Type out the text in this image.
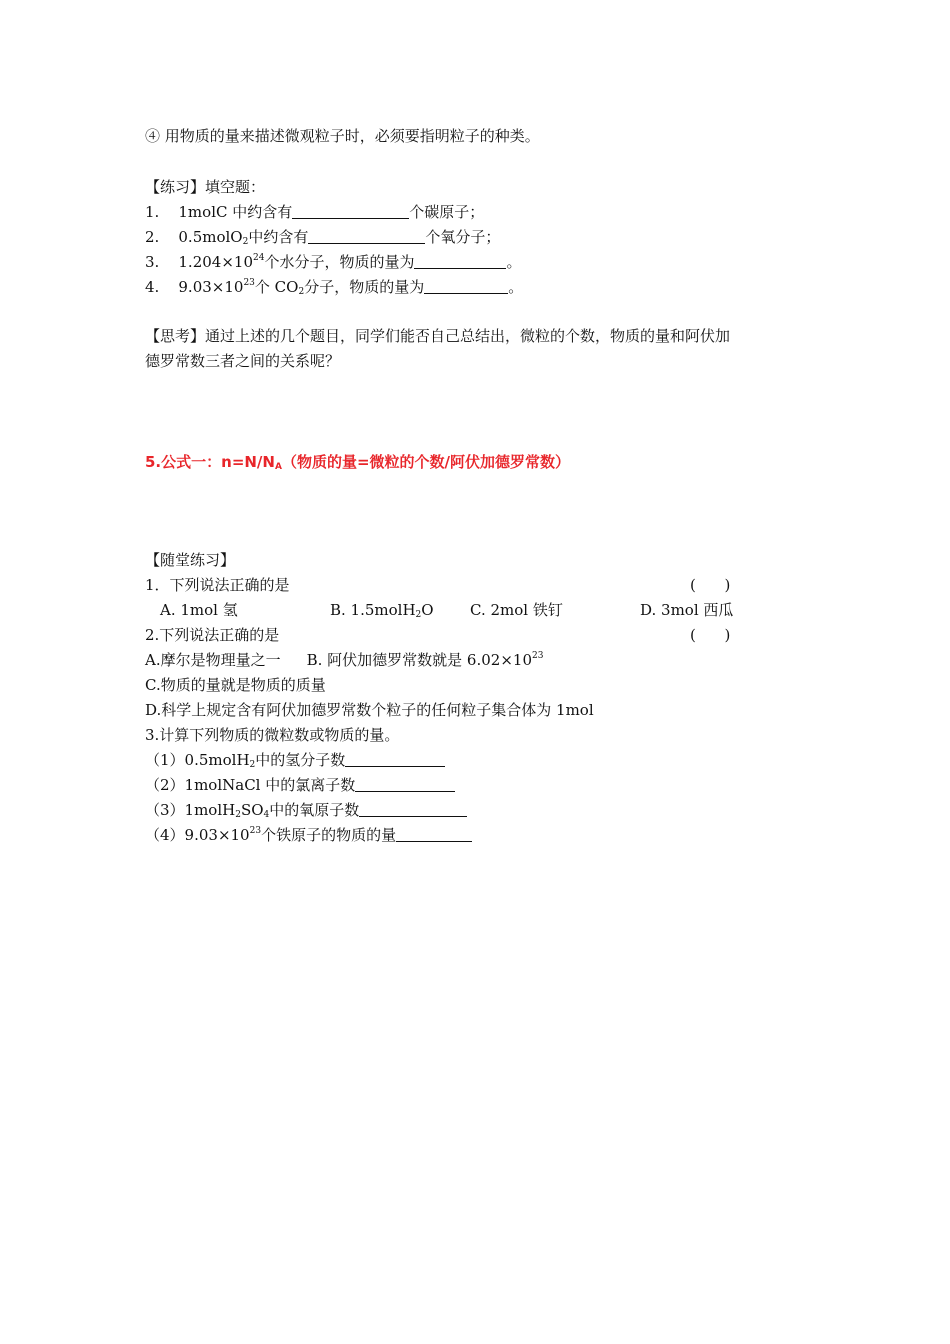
④ 用物质的量来描述微观粒子时，必须要指明粒子的种类。
【练习】填空题：
1. 1molC 中约含有	个碳原子；
2. 0.5molO$_2$中约含有	个氧分子；
3. $1.204\times 10^{24}$个水分子，物质的量为	。
4. $9.03\times 10^{23}$个 $CO_2$分子，物质的量为	。
【思考】通过上述的几个题目，同学们能否自己总结出，微粒的个数，物质的量和阿伏加
德罗常数三者之间的关系呢？
5.公式一：$n=N/N_A$（物质的量=微粒的个数/阿伏加德罗常数）
【随堂练习】
1．下列说法正确的是	(      )
A. 1mol 氢	B. 1.5molH$_2$O C. 2mol 铁钉	D. 3mol 西瓜
2.下列说法正确的是	(      )
A.摩尔是物理量之一 B. 阿伏加德罗常数就是 $6.02\times 10^{23}$
C.物质的量就是物质的质量
D.科学上规定含有阿伏加德罗常数个粒子的任何粒子集合体为 1mol
3.计算下列物质的微粒数或物质的量。
（1）0.5molH$_2$中的氢分子数
（2）1molNaCl 中的氯离子数
$(3)1molH_2SO_4$中的氧原子数
$(4)9.03\times 10^{23}$个铁原子的物质的量
